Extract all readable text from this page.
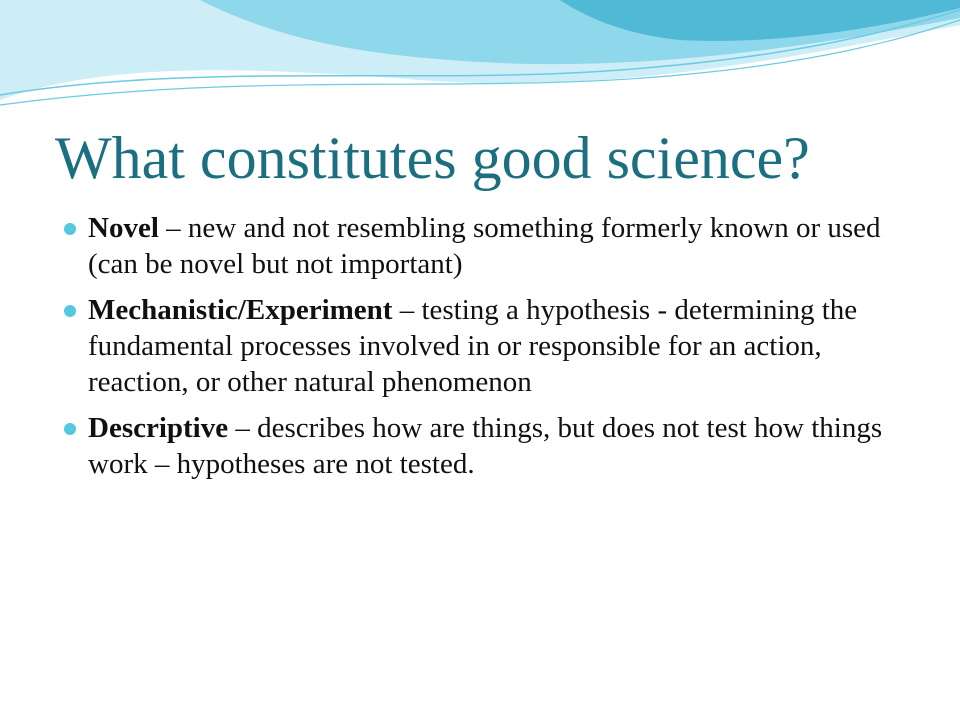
What constitutes good science?
Novel – new and not resembling something formerly known or used (can be novel but not important)
Mechanistic/Experiment – testing a hypothesis - determining the fundamental processes involved in or responsible for an action, reaction, or other natural phenomenon
Descriptive – describes how are things, but does not test how things work – hypotheses are not tested.
